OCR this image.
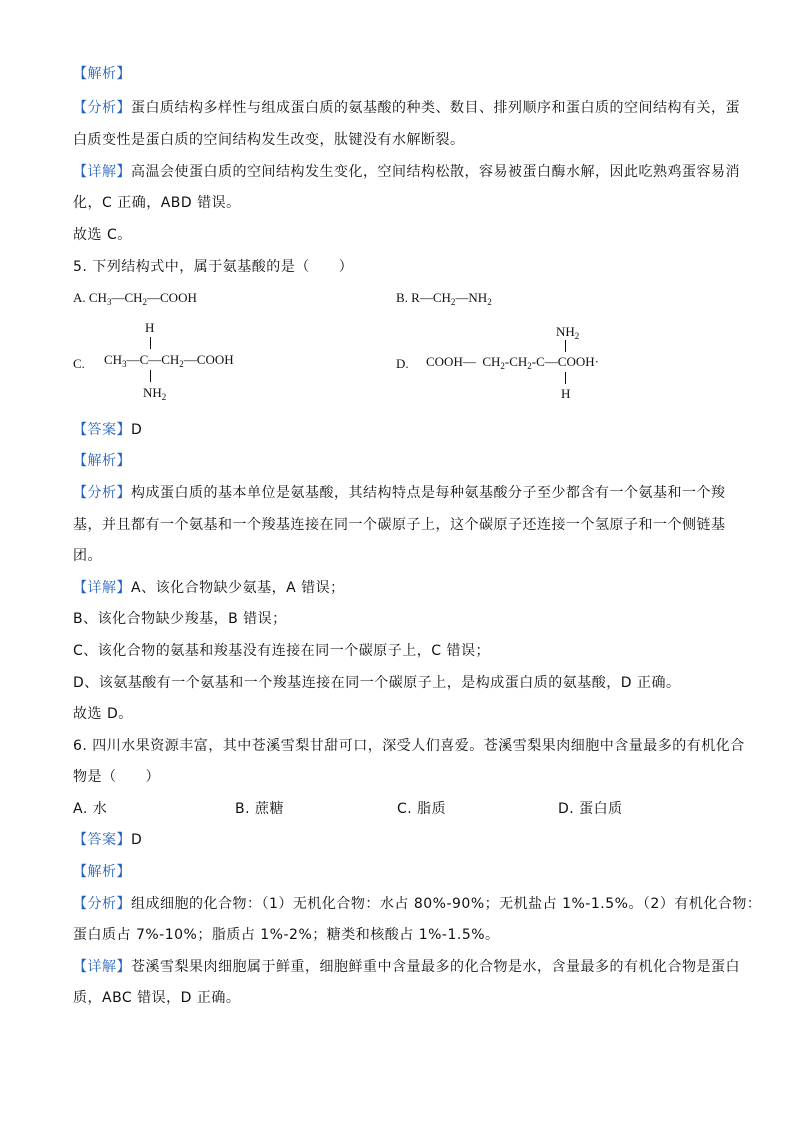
【解析】
【分析】蛋白质结构多样性与组成蛋白质的氨基酸的种类、数目、排列顺序和蛋白质的空间结构有关，蛋
白质变性是蛋白质的空间结构发生改变，肽键没有水解断裂。
【详解】高温会使蛋白质的空间结构发生变化，空间结构松散，容易被蛋白酶水解，因此吃熟鸡蛋容易消
化，C 正确，ABD 错误。
故选 C。
5. 下列结构式中，属于氨基酸的是（　　）
A. $CH_3—CH_2—COOH$	B. $R—CH_2—NH_2$
C.
H
$CH_3—C—CH_2—COOH$
$NH_2$
D.
$NH_2$
COOH— $CH_2-CH_2-C—COOH\cdot$
H
【答案】D
【解析】
【分析】构成蛋白质的基本单位是氨基酸，其结构特点是每种氨基酸分子至少都含有一个氨基和一个羧
基，并且都有一个氨基和一个羧基连接在同一个碳原子上，这个碳原子还连接一个氢原子和一个侧链基
团。
【详解】A、该化合物缺少氨基，A 错误；
B、该化合物缺少羧基，B 错误；
C、该化合物的氨基和羧基没有连接在同一个碳原子上，C 错误；
D、该氨基酸有一个氨基和一个羧基连接在同一个碳原子上，是构成蛋白质的氨基酸，D 正确。
故选 D。
6. 四川水果资源丰富，其中苍溪雪梨甘甜可口，深受人们喜爱。苍溪雪梨果肉细胞中含量最多的有机化合
物是（　　）
A. 水	B. 蔗糖	C. 脂质	D. 蛋白质
【答案】D
【解析】
【分析】组成细胞的化合物：（1）无机化合物：水占 80%-90%；无机盐占 1%-1.5%。（2）有机化合物：
蛋白质占 7%-10%；脂质占 1%-2%；糖类和核酸占 1%-1.5%。
【详解】苍溪雪梨果肉细胞属于鲜重，细胞鲜重中含量最多的化合物是水，含量最多的有机化合物是蛋白
质，ABC 错误，D 正确。
